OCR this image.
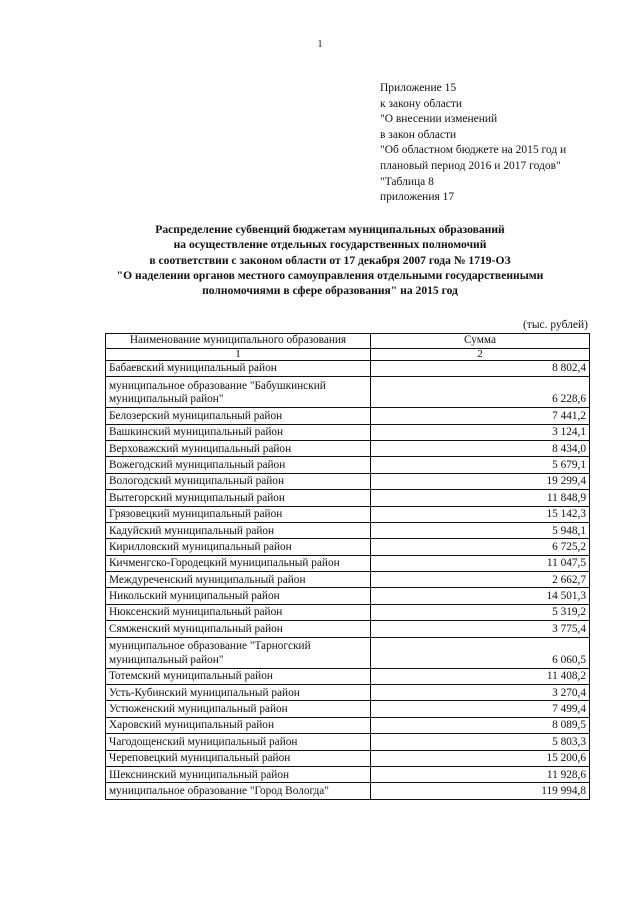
1
Приложение 15
к закону области
"О внесении изменений
в закон области
"Об областном бюджете на 2015 год и
плановый период 2016 и 2017 годов"
"Таблица 8
приложения 17
Распределение субвенций бюджетам муниципальных образований
на осуществление отдельных государственных полномочий
в соответствии с законом области от 17 декабря 2007 года № 1719-ОЗ
"О наделении органов местного самоуправления отдельными государственными
полномочиями в сфере образования" на 2015 год
(тыс. рублей)
Наименование муниципального образования	Сумма
1	2
Бабаевский муниципальный район	8 802,4
муниципальное образование "Бабушкинский муниципальный район"	6 228,6
Белозерский муниципальный район	7 441,2
Вашкинский муниципальный район	3 124,1
Верховажский муниципальный район	8 434,0
Вожегодский муниципальный район	5 679,1
Вологодский муниципальный район	19 299,4
Вытегорский муниципальный район	11 848,9
Грязовецкий муниципальный район	15 142,3
Кадуйский муниципальный район	5 948,1
Кирилловский муниципальный район	6 725,2
Кичменгско-Городецкий муниципальный район	11 047,5
Междуреченский муниципальный район	2 662,7
Никольский муниципальный район	14 501,3
Нюксенский муниципальный район	5 319,2
Сямженский муниципальный район	3 775,4
муниципальное образование "Тарногский муниципальный район"	6 060,5
Тотемский муниципальный район	11 408,2
Усть-Кубинский муниципальный район	3 270,4
Устюженский муниципальный район	7 499,4
Харовский муниципальный район	8 089,5
Чагодощенский муниципальный район	5 803,3
Череповецкий муниципальный район	15 200,6
Шекснинский муниципальный район	11 928,6
муниципальное образование "Город Вологда"	119 994,8
